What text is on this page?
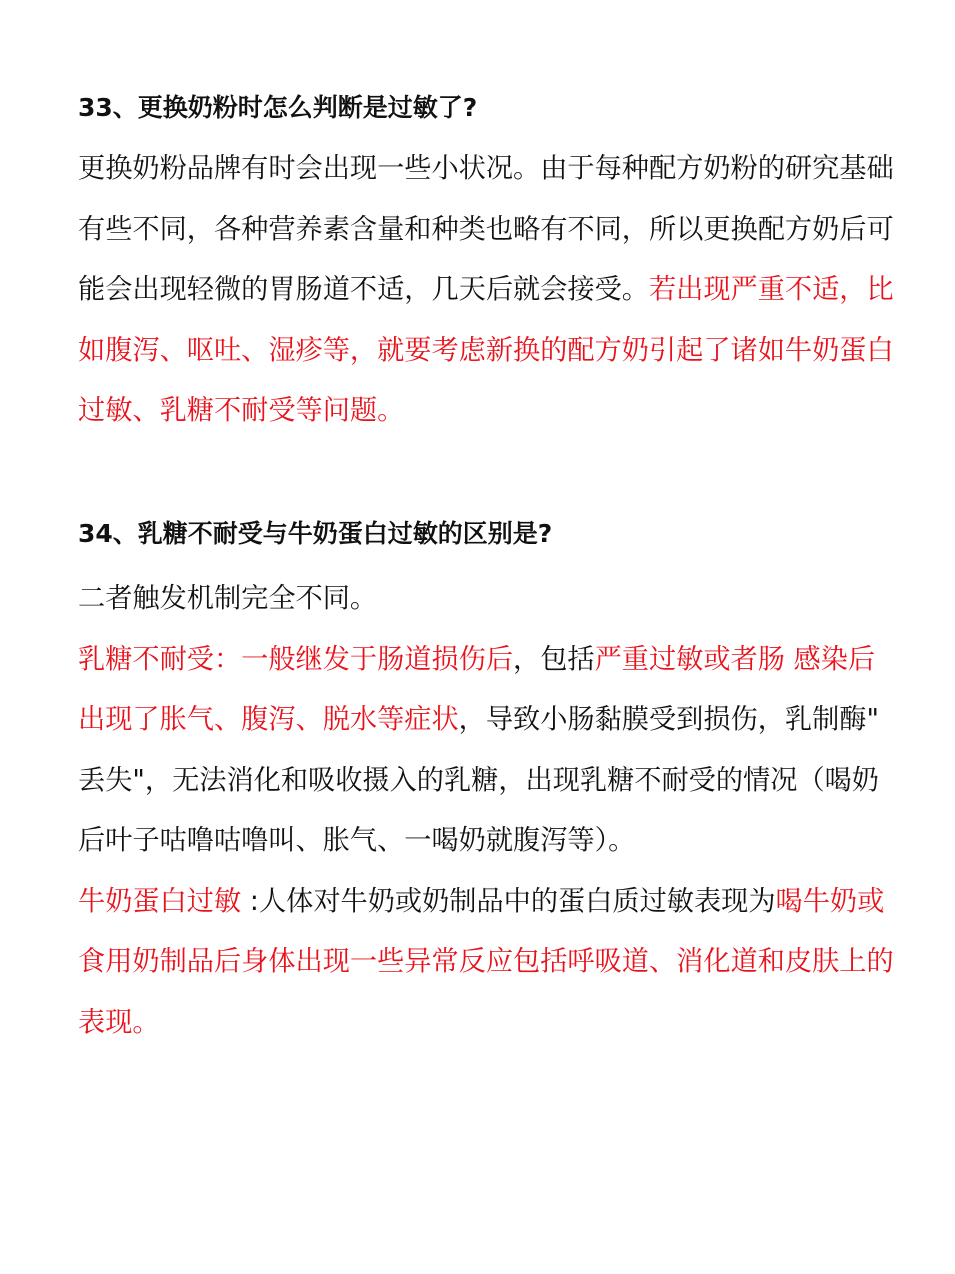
33、更换奶粉时怎么判断是过敏了?
更换奶粉品牌有时会出现一些小状况。由于每种配方奶粉的研究基础
有些不同，各种营养素含量和种类也略有不同，所以更换配方奶后可
能会出现轻微的胃肠道不适，几天后就会接受。若出现严重不适，比
如腹泻、呕吐、湿疹等，就要考虑新换的配方奶引起了诸如牛奶蛋白
过敏、乳糖不耐受等问题。
34、乳糖不耐受与牛奶蛋白过敏的区别是?
二者触发机制完全不同。
乳糖不耐受：一般继发于肠道损伤后，包括严重过敏或者肠 感染后
出现了胀气、腹泻、脱水等症状，导致小肠黏膜受到损伤，乳制酶"
丢失"，无法消化和吸收摄入的乳糖，出现乳糖不耐受的情况（喝奶
后叶子咕噜咕噜叫、胀气、一喝奶就腹泻等）。
牛奶蛋白过敏 :人体对牛奶或奶制品中的蛋白质过敏表现为喝牛奶或
食用奶制品后身体出现一些异常反应包括呼吸道、消化道和皮肤上的
表现。
